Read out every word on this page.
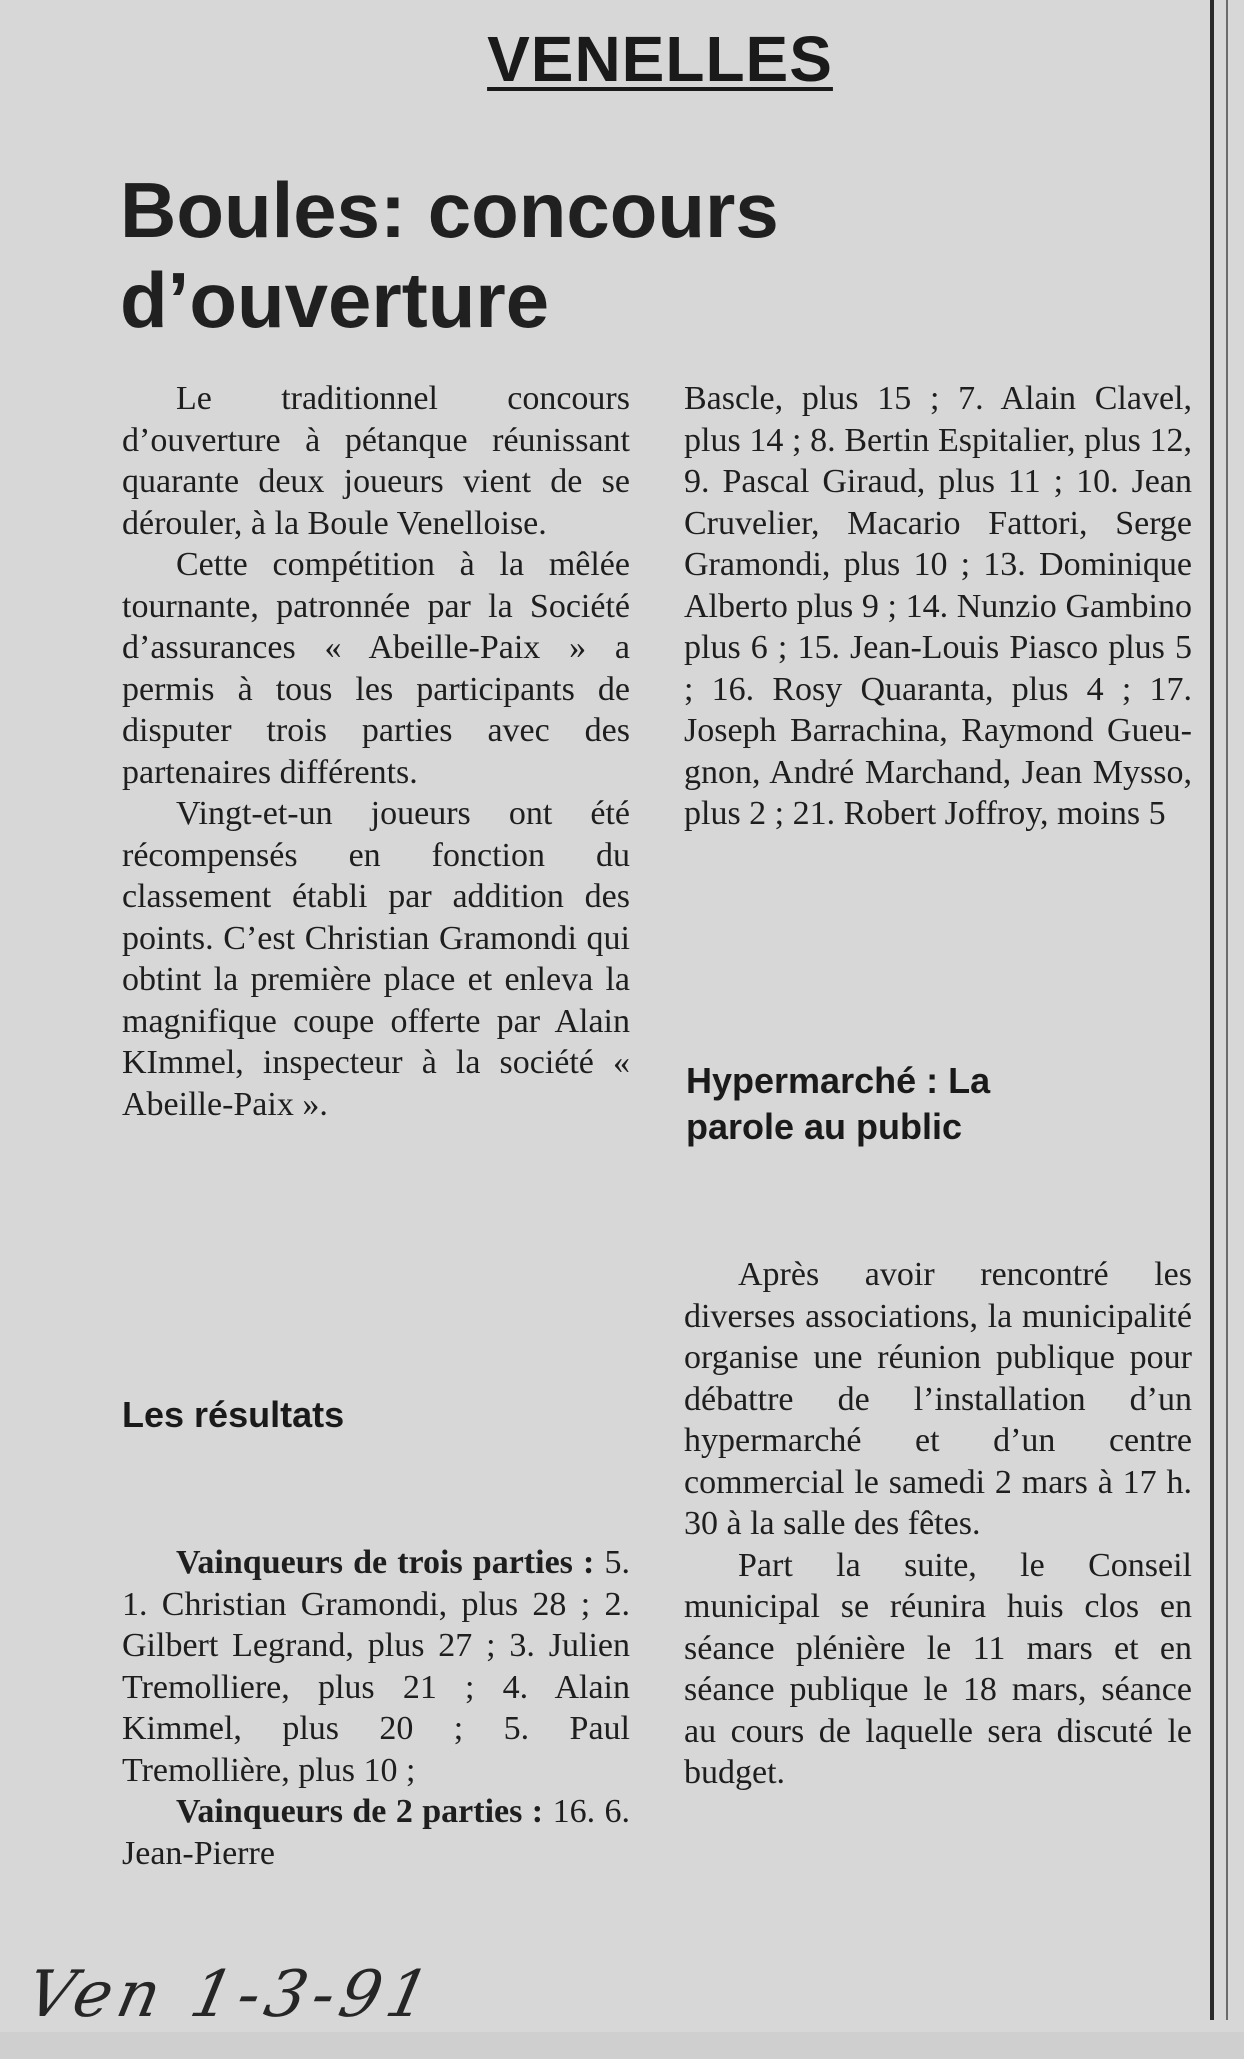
VENELLES
Boules: concours
d’ouverture

Le traditionnel concours d’ouverture à pétanque réunissant quarante deux joueurs vient de se dérouler, à la Boule Venelloise.

Cette compétition à la mêlée tournante, patronnée par la Société d’assurances « Abeille-Paix » a permis à tous les participants de disputer trois parties avec des partenaires différents.

Vingt-et-un joueurs ont été récompensés en fonction du classement établi par addition des points. C’est Christian Gramondi qui obtint la première place et enleva la magnifique coupe offerte par Alain KImmel, inspecteur à la société « Abeille-Paix ».

Les résultats

Vainqueurs de trois parties : 5. 1. Christian Gramondi, plus 28 ; 2. Gilbert Legrand, plus 27 ; 3. Julien Tremolliere, plus 21 ; 4. Alain Kimmel, plus 20 ; 5. Paul Tremollière, plus 10 ;

Vainqueurs de 2 parties : 16. 6. Jean-Pierre

Bascle, plus 15 ; 7. Alain Clavel, plus 14 ; 8. Bertin Espitalier, plus 12, 9. Pascal Giraud, plus 11 ; 10. Jean Cruvelier, Macario Fattori, Serge Gramondi, plus 10 ; 13. Dominique Alberto plus 9 ; 14. Nunzio Gambino plus 6 ; 15. Jean-Louis Piasco plus 5 ; 16. Rosy Quaranta, plus 4 ; 17. Joseph Barrachina, Raymond Gueugnon, André Marchand, Jean Mysso, plus 2 ; 21. Robert Joffroy, moins 5

Hypermarché : La parole au public

Après avoir rencontré les diverses associations, la municipalité organise une réunion publique pour débattre de l’installation d’un hypermarché et d’un centre commercial le samedi 2 mars à 17 h. 30 à la salle des fêtes.

Part la suite, le Conseil municipal se réunira huis clos en séance plénière le 11 mars et en séance publique le 18 mars, séance au cours de laquelle sera discuté le budget.

Ven 1-3-91
